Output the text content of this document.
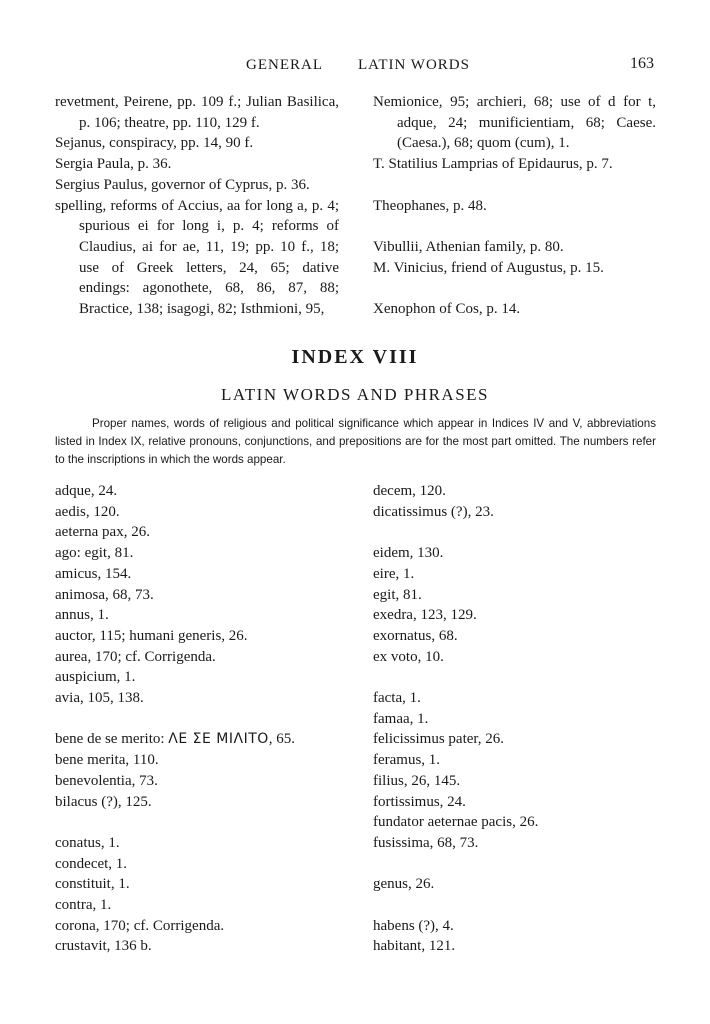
GENERAL LATIN WORDS	163

revetment, Peirene, pp. 109 f.; Julian Basilica, p. 106; theatre, pp. 110, 129 f.

Sejanus, conspiracy, pp. 14, 90 f.

Sergia Paula, p. 36.

Sergius Paulus, governor of Cyprus, p. 36.

spelling, reforms of Accius, aa for long a, p. 4; spurious ei for long i, p. 4; reforms of Claudius, ai for ae, 11, 19; pp. 10 f., 18; use of Greek letters, 24, 65; dative endings: agonothete, 68, 86, 87, 88; Bractice, 138; isagogi, 82; Isthmioni, 95,

Nemionice, 95; archieri, 68; use of d for t, adque, 24; munificientiam, 68; Caese. (Caesa.), 68; quom (cum), 1.

T. Statilius Lamprias of Epidaurus, p. 7.

Theophanes, p. 48.

Vibullii, Athenian family, p. 80.

M. Vinicius, friend of Augustus, p. 15.

Xenophon of Cos, p. 14.

INDEX VIII
LATIN WORDS AND PHRASES
Proper names, words of religious and political significance which appear in Indices IV and V, abbreviations listed in Index IX, relative pronouns, conjunctions, and prepositions are for the most part omitted. The numbers refer to the inscriptions in which the words appear.

adque, 24.

aedis, 120.

aeterna pax, 26.

ago: egit, 81.

amicus, 154.

animosa, 68, 73.

annus, 1.

auctor, 115; humani generis, 26.

aurea, 170; cf. Corrigenda.

auspicium, 1.

avia, 105, 138.

bene de se merito: ΛΕ ΣΕ ΜΙΛΙΤΟ, 65.

bene merita, 110.

benevolentia, 73.

bilacus (?), 125.

conatus, 1.

condecet, 1.

constituit, 1.

contra, 1.

corona, 170; cf. Corrigenda.

crustavit, 136 b.

decem, 120.

dicatissimus (?), 23.

eidem, 130.

eire, 1.

egit, 81.

exedra, 123, 129.

exornatus, 68.

ex voto, 10.

facta, 1.

famaa, 1.

felicissimus pater, 26.

feramus, 1.

filius, 26, 145.

fortissimus, 24.

fundator aeternae pacis, 26.

fusissima, 68, 73.

genus, 26.

habens (?), 4.

habitant, 121.
